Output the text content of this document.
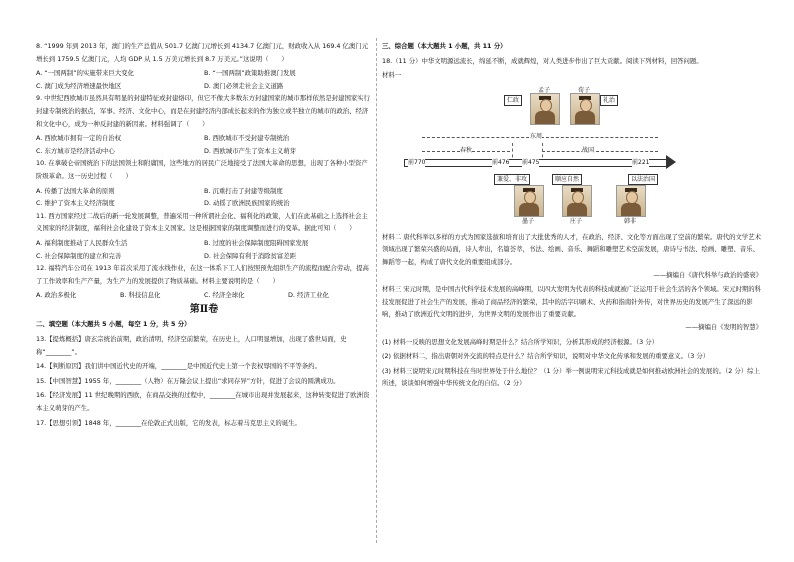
8. “1999 年到 2013 年，澳门的生产总值从 501.7 亿澳门元增长到 4134.7 亿澳门元，财政收入从 169.4 亿澳门元增长到 1759.5 亿澳门元，人均 GDP 从 1.5 万美元增长到 8.7 万美元。”这说明（　　）

A. “一国两制”的实施带来巨大变化	B. “一国两制”政策助推澳门发展
C. 澳门成为经济增速最快地区	D. 澳门必须走社会主义道路

9. 中世纪西欧城市虽然具有明显的封建特征或封建烙印，但它不像大多数东方封建国家的城市那样依然是封建国家实行封建专制统治的据点，军事、经济、文化中心，而是在封建经济内部成长起来的作为独立或半独立的城市的政治、经济和文化中心，成为一种反封建的新因素。材料强调了（　　）

A. 西欧城市拥有一定的自治权	B. 西欧城市不受封建专制统治
C. 东方城市是经济活动中心	D. 西欧城市产生了资本主义萌芽

10. 在拿破仑帝国统治下的法国领土和附庸国，这些地方的居民广泛地接受了法国大革命的思想，出现了各种小型资产阶级革命。这一历史过程（　　）

A. 传播了法国大革命的原则	B. 沉重打击了封建等级制度
C. 维护了资本主义经济制度	D. 动摇了欧洲民族国家的统治

11. 西方国家经过二战后的新一轮发展调整，普遍采用一种所谓社会化、福利化的政策，人们在此基础之上选择社会主义国家的经济制度，福利社会化建设了资本主义国家。这是根据国家的制度调整而进行的变革。据此可知（　　）

A. 福利制度推动了人民群众生活	B. 过度的社会保障制度阻碍国家发展
C. 社会保障制度的建立和完善	D. 社会保障有利于消除贫富差距

12. 福特汽车公司在 1913 年首次采用了流水线作业，在这一体系下工人们按照预先组织生产的流程而配合劳动，提高了工作效率和生产产量，为生产力的发展提供了物质基础。材料主要说明的是（　　）

A. 政治多极化	B. 科技信息化	C. 经济全球化	D. 经济工业化
第Ⅱ卷

二、填空题（本大题共 5 小题，每空 1 分，共 5 分）

13.【提炼概括】唐玄宗统治前期，政治清明，经济空前繁荣，在历史上，人口明显增加，出现了盛世局面，史称“________”。

14.【判断原因】我们讲中国近代史的开端，________是中国近代史上第一个丧权辱国的不平等条约。

15.【中国智慧】1955 年，________（人物）在万隆会议上提出“求同存异”方针，促进了会议的圆满成功。

16.【经济发展】11 世纪晚期的西欧，在商品交换的过程中，________在城市出现并发展起来，这种转变促进了欧洲资本主义萌芽的产生。

17.【思想引领】1848 年，________在伦敦正式出版，它的发表，标志着马克思主义的诞生。

三、综合题（本大题共 1 小题，共 11 分）

18.（11 分）中华文明源远流长，绵延不断，成就辉煌，对人类进步作出了巨大贡献。阅读下列材料，回答问题。

材料一

仁政
孟子	荀子
礼治
东周
春秋	战国
前770	前476 前475	前221
兼爱、非攻	顺应自然	以法治国
墨子	庄子	韩非

材料二 唐代科举以多样的方式为国家选拔和培育出了大批优秀的人才，在政治、经济、文化等方面出现了空前的繁荣。唐代的文学艺术领域出现了繁荣兴盛的局面，诗人辈出，名篇荟萃，书法、绘画、音乐、舞蹈和雕塑艺术空前发展，唐诗与书法、绘画、雕塑、音乐、舞蹈等一起，构成了唐代文化的重要组成部分。

——摘编自《唐代科举与政治的盛衰》

材料三 宋元时期，是中国古代科学技术发展的高峰期，以四大发明为代表的科技成就被广泛运用于社会生活的各个领域。宋元时期的科技发展促进了社会生产的发展，推动了商品经济的繁荣，其中的活字印刷术、火药和指南针外传，对世界历史的发展产生了深远的影响，推动了欧洲近代文明的进步，为世界文明的发展作出了重要贡献。

——摘编自《发明的智慧》

(1) 材料一反映的思想文化发展高峰时期是什么？结合所学知识，分析其形成的经济根源。（3 分）

(2) 依据材料二，指出唐朝对外交流的特点是什么？结合所学知识，说明对中华文化传承和发展的重要意义。（3 分）

(3) 材料三说明宋元时期科技在当时世界处于什么地位？（1 分）举一例说明宋元科技成就是如何推动欧洲社会的发展的。（2 分）综上所述，谈谈如何增强中华传统文化的自信。（2 分）
